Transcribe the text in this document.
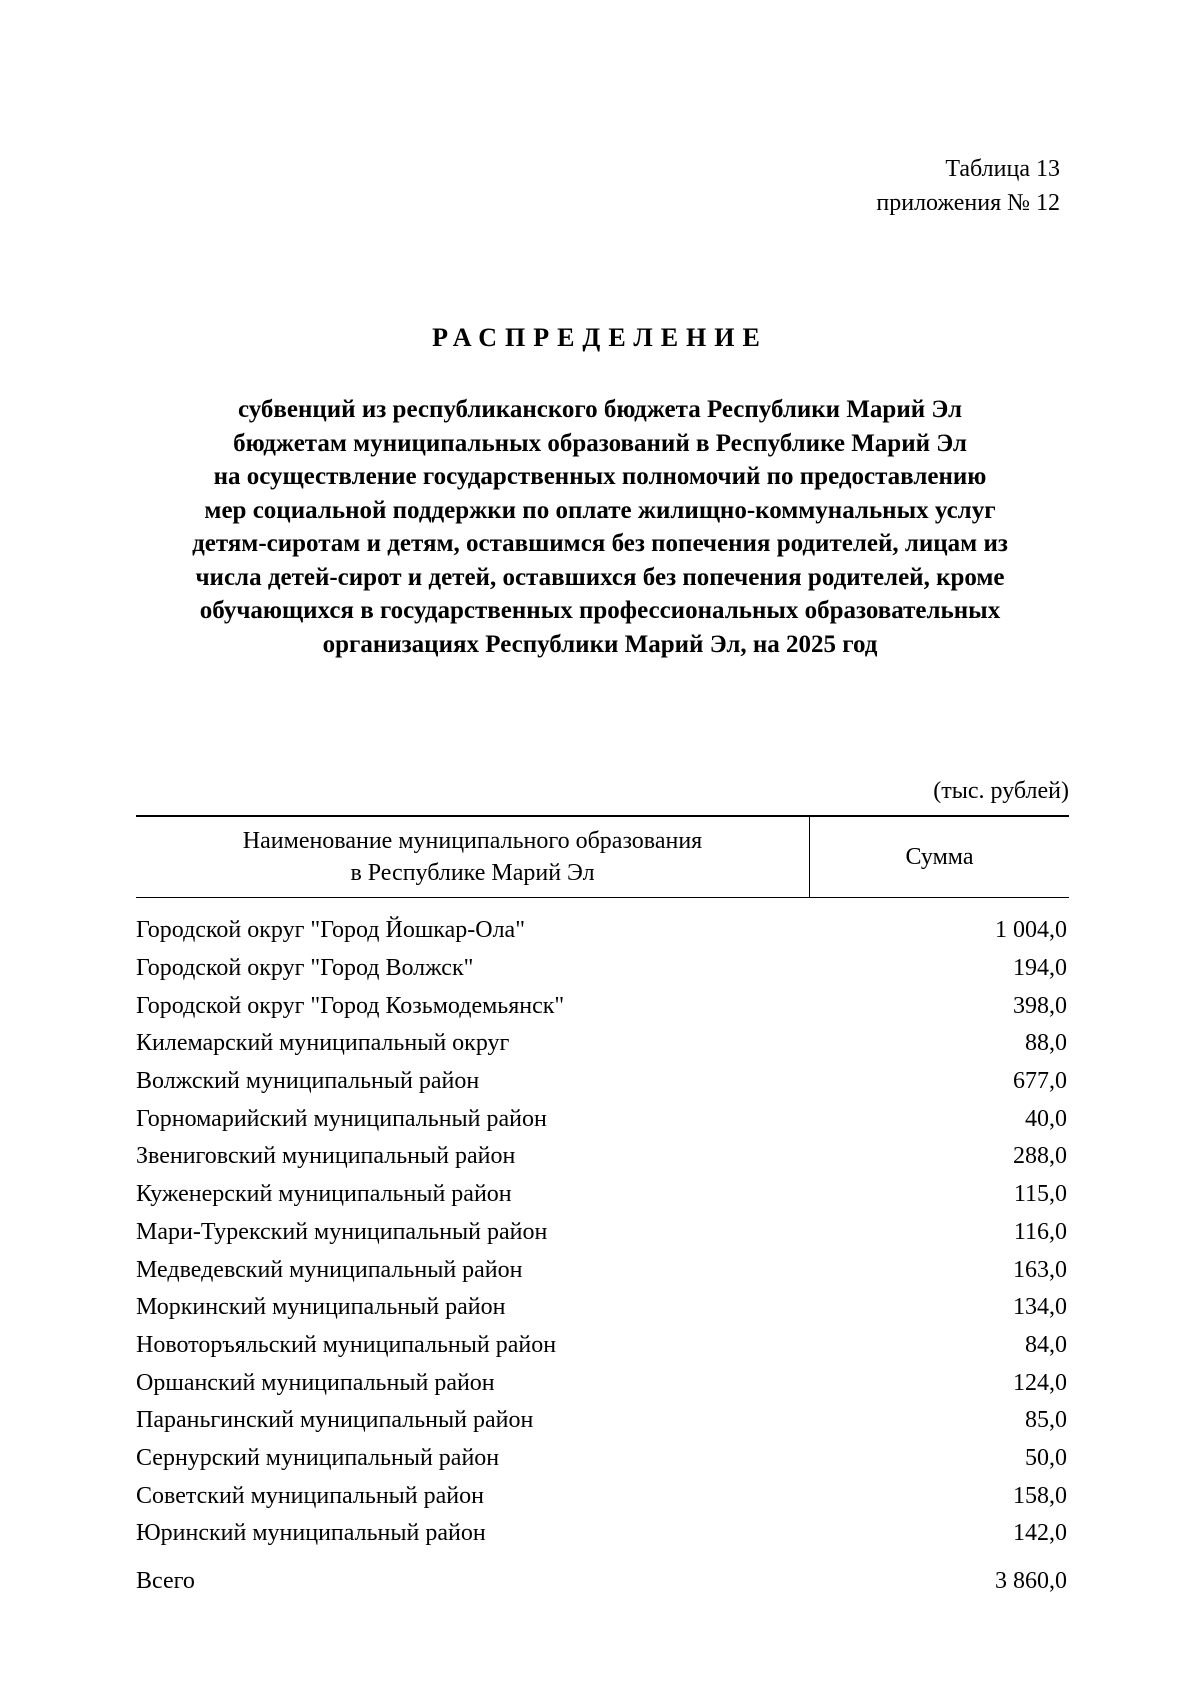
Таблица 13
приложения № 12
РАСПРЕДЕЛЕНИЕ
субвенций из республиканского бюджета Республики Марий Эл
бюджетам муниципальных образований в Республике Марий Эл
на осуществление государственных полномочий по предоставлению
мер социальной поддержки по оплате жилищно-коммунальных услуг
детям-сиротам и детям, оставшимся без попечения родителей, лицам из
числа детей-сирот и детей, оставшихся без попечения родителей, кроме
обучающихся в государственных профессиональных образовательных
организациях Республики Марий Эл, на 2025 год
(тыс. рублей)
Наименование муниципального образования
в Республике Марий Эл
Сумма
Городской округ "Город Йошкар-Ола"	1 004,0
Городской округ "Город Волжск"	194,0
Городской округ "Город Козьмодемьянск"	398,0
Килемарский муниципальный округ	88,0
Волжский муниципальный район	677,0
Горномарийский муниципальный район	40,0
Звениговский муниципальный район	288,0
Куженерский муниципальный район	115,0
Мари-Турекский муниципальный район	116,0
Медведевский муниципальный район	163,0
Моркинский муниципальный район	134,0
Новоторъяльский муниципальный район	84,0
Оршанский муниципальный район	124,0
Параньгинский муниципальный район	85,0
Сернурский муниципальный район	50,0
Советский муниципальный район	158,0
Юринский муниципальный район	142,0
Всего	3 860,0
